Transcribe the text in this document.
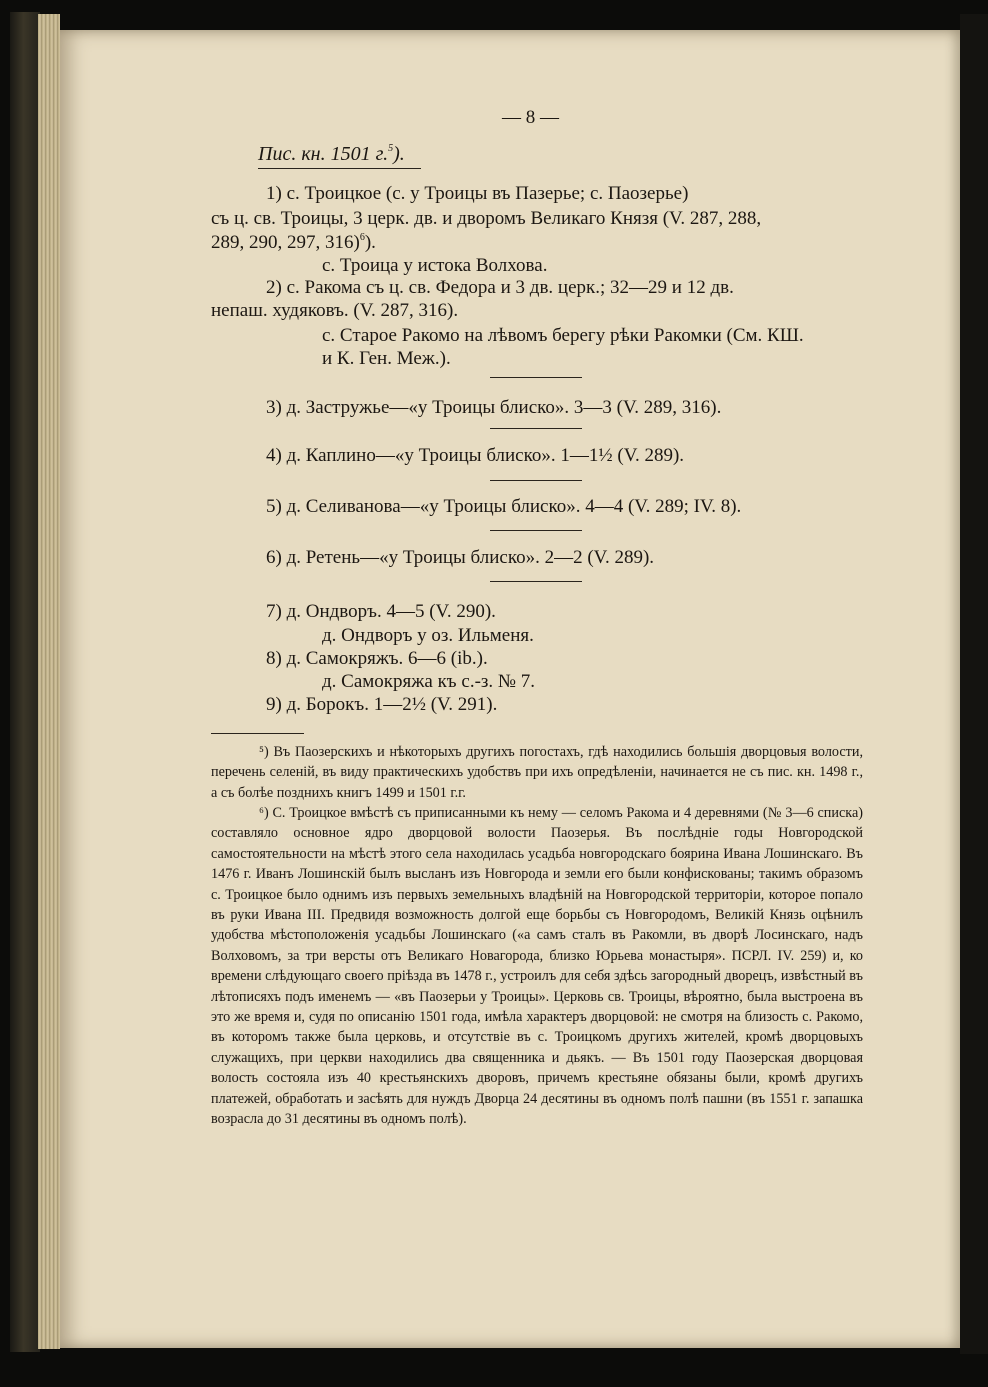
— 8 —
Пис. кн. 1501 г.$^5$).
1) с. Троицкое (с. у Троицы въ Пазерье; с. Паозерье)
съ ц. св. Троицы, 3 церк. дв. и дворомъ Великаго Князя (V. 287, 288,
289, 290, 297, 316)$^6$).
с. Троица у истока Волхова.
2) с. Ракома съ ц. св. Федора и 3 дв. церк.; 32—29 и 12 дв.
непаш. худяковъ. (V. 287, 316).
с. Старое Ракомо на лѣвомъ берегу рѣки Ракомки (См. КШ.
и К. Ген. Меж.).
3) д. Застружье—«у Троицы блиско». 3—3 (V. 289, 316).
4) д. Каплино—«у Троицы блиско». 1—1½ (V. 289).
5) д. Селиванова—«у Троицы блиско». 4—4 (V. 289; IV. 8).
6) д. Ретень—«у Троицы блиско». 2—2 (V. 289).
7) д. Ондворъ. 4—5 (V. 290).
д. Ондворъ у оз. Ильменя.
8) д. Самокряжъ. 6—6 (ib.).
д. Самокряжа къ с.-з. № 7.
9) д. Борокъ. 1—2½ (V. 291).

⁵) Въ Паозерскихъ и нѣкоторыхъ другихъ погостахъ, гдѣ находились большія дворцовыя волости, перечень селеній, въ виду практическихъ удобствъ при ихъ опредѣленіи, начинается не съ пис. кн. 1498 г., а съ болѣе позднихъ книгъ 1499 и 1501 г.г.

⁶) С. Троицкое вмѣстѣ съ приписанными къ нему — селомъ Ракома и 4 деревнями (№ 3—6 списка) составляло основное ядро дворцовой волости Паозерья. Въ послѣдніе годы Новгородской самостоятельности на мѣстѣ этого села находилась усадьба новгородскаго боярина Ивана Лошинскаго. Въ 1476 г. Иванъ Лошинскій былъ высланъ изъ Новгорода и земли его были конфискованы; такимъ образомъ с. Троицкое было однимъ изъ первыхъ земельныхъ владѣній на Новгородской территоріи, которое попало въ руки Ивана III. Предвидя возможность долгой еще борьбы съ Новгородомъ, Великій Князь оцѣнилъ удобства мѣстоположенія усадьбы Лошинскаго («а самъ сталъ въ Ракомли, въ дворѣ Лосинскаго, надъ Волховомъ, за три версты отъ Великаго Новагорода, близко Юрьева монастыря». ПСРЛ. IV. 259) и, ко времени слѣдующаго своего пріѣзда въ 1478 г., устроилъ для себя здѣсь загородный дворецъ, извѣстный въ лѣтописяхъ подъ именемъ — «въ Паозерьи у Троицы». Церковь св. Троицы, вѣроятно, была выстроена въ это же время и, судя по описанію 1501 года, имѣла характеръ дворцовой: не смотря на близость с. Ракомо, въ которомъ также была церковь, и отсутствіе въ с. Троицкомъ другихъ жителей, кромѣ дворцовыхъ служащихъ, при церкви находились два священника и дьякъ. — Въ 1501 году Паозерская дворцовая волость состояла изъ 40 крестьянскихъ дворовъ, причемъ крестьяне обязаны были, кромѣ другихъ платежей, обработать и засѣять для нуждъ Дворца 24 десятины въ одномъ полѣ пашни (въ 1551 г. запашка возрасла до 31 десятины въ одномъ полѣ).
